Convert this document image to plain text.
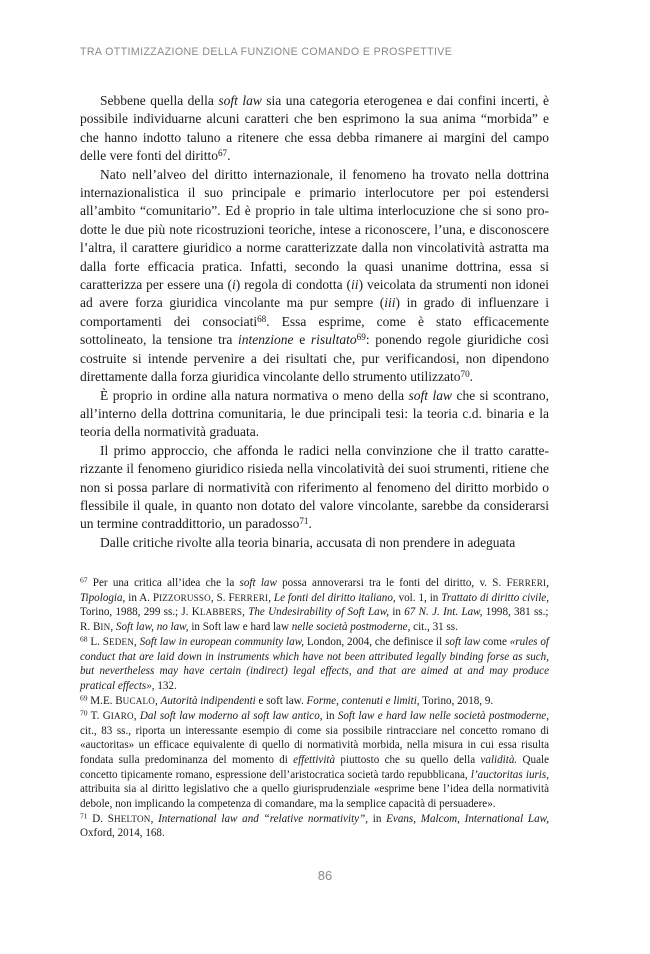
TRA OTTIMIZZAZIONE DELLA FUNZIONE COMANDO E PROSPETTIVE

Sebbene quella della soft law sia una categoria eterogenea e dai confini incerti, è possibile individuarne alcuni caratteri che ben esprimono la sua anima “morbida” e che hanno indotto taluno a ritenere che essa debba rimanere ai margini del campo delle vere fonti del diritto$^{67}$.

Nato nell’alveo del diritto internazionale, il fenomeno ha trovato nella dottrina internazionalistica il suo principale e primario interlocutore per poi estendersi all’ambito “comunitario”. Ed è proprio in tale ultima interlocuzione che si sono prodotte le due più note ricostruzioni teoriche, intese a riconoscere, l’una, e disconoscere l’altra, il carattere giuridico a norme caratterizzate dalla non vincolatività astratta ma dalla forte efficacia pratica. Infatti, secondo la quasi unanime dottrina, essa si caratterizza per essere una (i) regola di condotta (ii) veicolata da strumenti non idonei ad avere forza giuridica vincolante ma pur sempre (iii) in grado di influenzare i comportamenti dei consociati$^{68}$. Essa esprime, come è stato efficacemente sottolineato, la tensione tra intenzione e risultato$^{69}$: ponendo regole giuridiche così costruite si intende pervenire a dei risultati che, pur verificandosi, non dipendono direttamente dalla forza giuridica vincolante dello strumento utilizzato$^{70}$.

È proprio in ordine alla natura normativa o meno della soft law che si scontrano, all’interno della dottrina comunitaria, le due principali tesi: la teoria c.d. binaria e la teoria della normatività graduata.

Il primo approccio, che affonda le radici nella convinzione che il tratto caratterizzante il fenomeno giuridico risieda nella vincolatività dei suoi strumenti, ritiene che non si possa parlare di normatività con riferimento al fenomeno del diritto morbido o flessibile il quale, in quanto non dotato del valore vincolante, sarebbe da considerarsi un termine contraddittorio, un paradosso$^{71}$.

Dalle critiche rivolte alla teoria binaria, accusata di non prendere in adeguata

$^{67}$ Per una critica all’idea che la soft law possa annoverarsi tra le fonti del diritto, v. S. FERRERI, Tipologia, in A. PIZZORUSSO, S. FERRERI, Le fonti del diritto italiano, vol. 1, in Trattato di diritto civile, Torino, 1988, 299 ss.; J. KLABBERS, The Undesirability of Soft Law, in 67 N. J. Int. Law, 1998, 381 ss.; R. BIN, Soft law, no law, in Soft law e hard law nelle società postmoderne, cit., 31 ss.

$^{68}$ L. SEDEN, Soft law in european community law, London, 2004, che definisce il soft law come «rules of conduct that are laid down in instruments which have not been attributed legally binding forse as such, but nevertheless may have certain (indirect) legal effects, and that are aimed at and may produce pratical effects», 132.

$^{69}$ M.E. BUCALO, Autorità indipendenti e soft law. Forme, contenuti e limiti, Torino, 2018, 9.

$^{70}$ T. GIARO, Dal soft law moderno al soft law antico, in Soft law e hard law nelle società postmoderne, cit., 83 ss., riporta un interessante esempio di come sia possibile rintracciare nel concetto romano di «auctoritas» un efficace equivalente di quello di normatività morbida, nella misura in cui essa risulta fondata sulla predominanza del momento di effettività piuttosto che su quello della validità. Quale concetto tipicamente romano, espressione dell’aristocratica società tardo repubblicana, l’auctoritas iuris, attribuita sia al diritto legislativo che a quello giurisprudenziale «esprime bene l’idea della normatività debole, non implicando la competenza di comandare, ma la semplice capacità di persuadere».

$^{71}$ D. SHELTON, International law and “relative normativity”, in Evans, Malcom, International Law, Oxford, 2014, 168.

86
